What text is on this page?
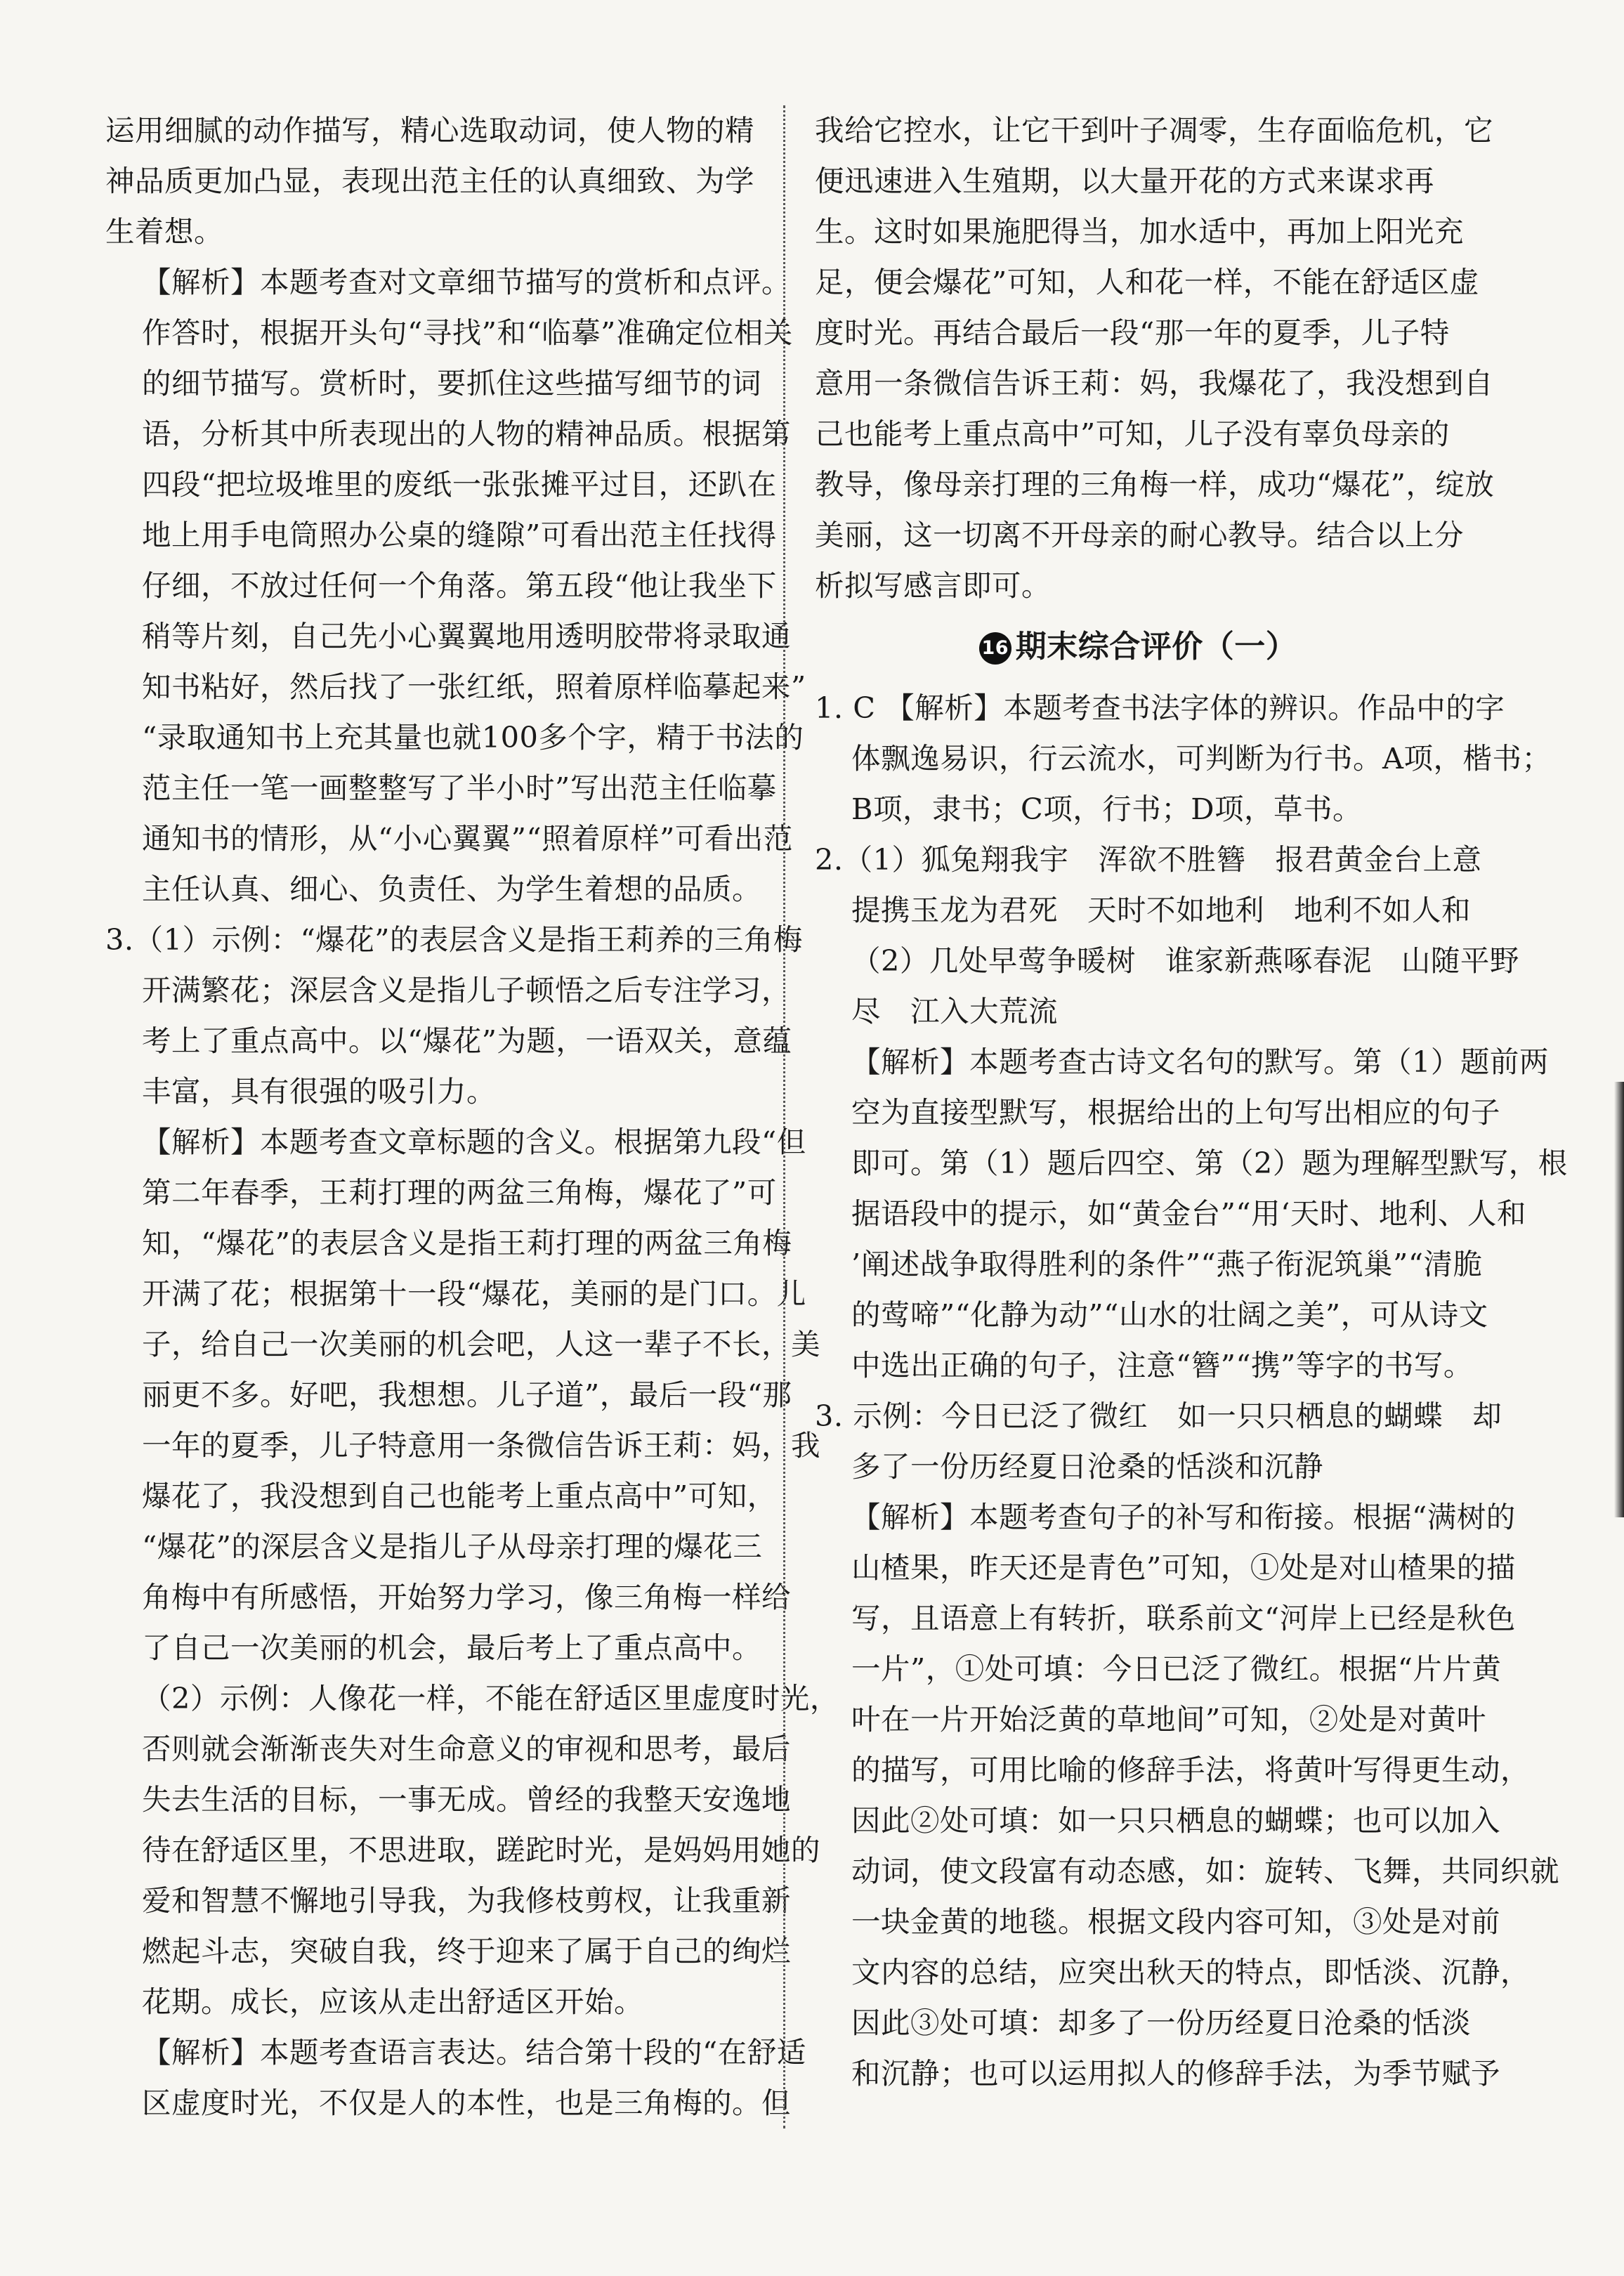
运用细腻的动作描写，精心选取动词，使人物的精
神品质更加凸显，表现出范主任的认真细致、为学
生着想。
【解析】本题考查对文章细节描写的赏析和点评。
作答时，根据开头句“寻找”和“临摹”准确定位相关
的细节描写。赏析时，要抓住这些描写细节的词
语，分析其中所表现出的人物的精神品质。根据第
四段“把垃圾堆里的废纸一张张摊平过目，还趴在
地上用手电筒照办公桌的缝隙”可看出范主任找得
仔细，不放过任何一个角落。第五段“他让我坐下
稍等片刻，自己先小心翼翼地用透明胶带将录取通
知书粘好，然后找了一张红纸，照着原样临摹起来”
“录取通知书上充其量也就100多个字，精于书法的
范主任一笔一画整整写了半小时”写出范主任临摹
通知书的情形，从“小心翼翼”“照着原样”可看出范
主任认真、细心、负责任、为学生着想的品质。
3.（1）示例：“爆花”的表层含义是指王莉养的三角梅
开满繁花；深层含义是指儿子顿悟之后专注学习，
考上了重点高中。以“爆花”为题，一语双关，意蕴
丰富，具有很强的吸引力。
【解析】本题考查文章标题的含义。根据第九段“但
第二年春季，王莉打理的两盆三角梅，爆花了”可
知，“爆花”的表层含义是指王莉打理的两盆三角梅
开满了花；根据第十一段“爆花，美丽的是门口。儿
子，给自己一次美丽的机会吧，人这一辈子不长，美
丽更不多。好吧，我想想。儿子道”，最后一段“那
一年的夏季，儿子特意用一条微信告诉王莉：妈，我
爆花了，我没想到自己也能考上重点高中”可知，
“爆花”的深层含义是指儿子从母亲打理的爆花三
角梅中有所感悟，开始努力学习，像三角梅一样给
了自己一次美丽的机会，最后考上了重点高中。
（2）示例：人像花一样，不能在舒适区里虚度时光，
否则就会渐渐丧失对生命意义的审视和思考，最后
失去生活的目标，一事无成。曾经的我整天安逸地
待在舒适区里，不思进取，蹉跎时光，是妈妈用她的
爱和智慧不懈地引导我，为我修枝剪杈，让我重新
燃起斗志，突破自我，终于迎来了属于自己的绚烂
花期。成长，应该从走出舒适区开始。
【解析】本题考查语言表达。结合第十段的“在舒适
区虚度时光，不仅是人的本性，也是三角梅的。但
我给它控水，让它干到叶子凋零，生存面临危机，它
便迅速进入生殖期，以大量开花的方式来谋求再
生。这时如果施肥得当，加水适中，再加上阳光充
足，便会爆花”可知，人和花一样，不能在舒适区虚
度时光。再结合最后一段“那一年的夏季，儿子特
意用一条微信告诉王莉：妈，我爆花了，我没想到自
己也能考上重点高中”可知，儿子没有辜负母亲的
教导，像母亲打理的三角梅一样，成功“爆花”，绽放
美丽，这一切离不开母亲的耐心教导。结合以上分
析拟写感言即可。
16 期末综合评价（一）
1. C 【解析】本题考查书法字体的辨识。作品中的字
体飘逸易识，行云流水，可判断为行书。A项，楷书；
B项，隶书；C项，行书；D项，草书。
2.（1）狐兔翔我宇　浑欲不胜簪　报君黄金台上意
提携玉龙为君死　天时不如地利　地利不如人和
（2）几处早莺争暖树　谁家新燕啄春泥　山随平野
尽　江入大荒流
【解析】本题考查古诗文名句的默写。第（1）题前两
空为直接型默写，根据给出的上句写出相应的句子
即可。第（1）题后四空、第（2）题为理解型默写，根
据语段中的提示，如“黄金台”“用‘天时、地利、人和
’阐述战争取得胜利的条件”“燕子衔泥筑巢”“清脆
的莺啼”“化静为动”“山水的壮阔之美”，可从诗文
中选出正确的句子，注意“簪”“携”等字的书写。
3. 示例：今日已泛了微红　如一只只栖息的蝴蝶　却
多了一份历经夏日沧桑的恬淡和沉静
【解析】本题考查句子的补写和衔接。根据“满树的
山楂果，昨天还是青色”可知，①处是对山楂果的描
写，且语意上有转折，联系前文“河岸上已经是秋色
一片”，①处可填：今日已泛了微红。根据“片片黄
叶在一片开始泛黄的草地间”可知，②处是对黄叶
的描写，可用比喻的修辞手法，将黄叶写得更生动，
因此②处可填：如一只只栖息的蝴蝶；也可以加入
动词，使文段富有动态感，如：旋转、飞舞，共同织就
一块金黄的地毯。根据文段内容可知，③处是对前
文内容的总结，应突出秋天的特点，即恬淡、沉静，
因此③处可填：却多了一份历经夏日沧桑的恬淡
和沉静；也可以运用拟人的修辞手法，为季节赋予
